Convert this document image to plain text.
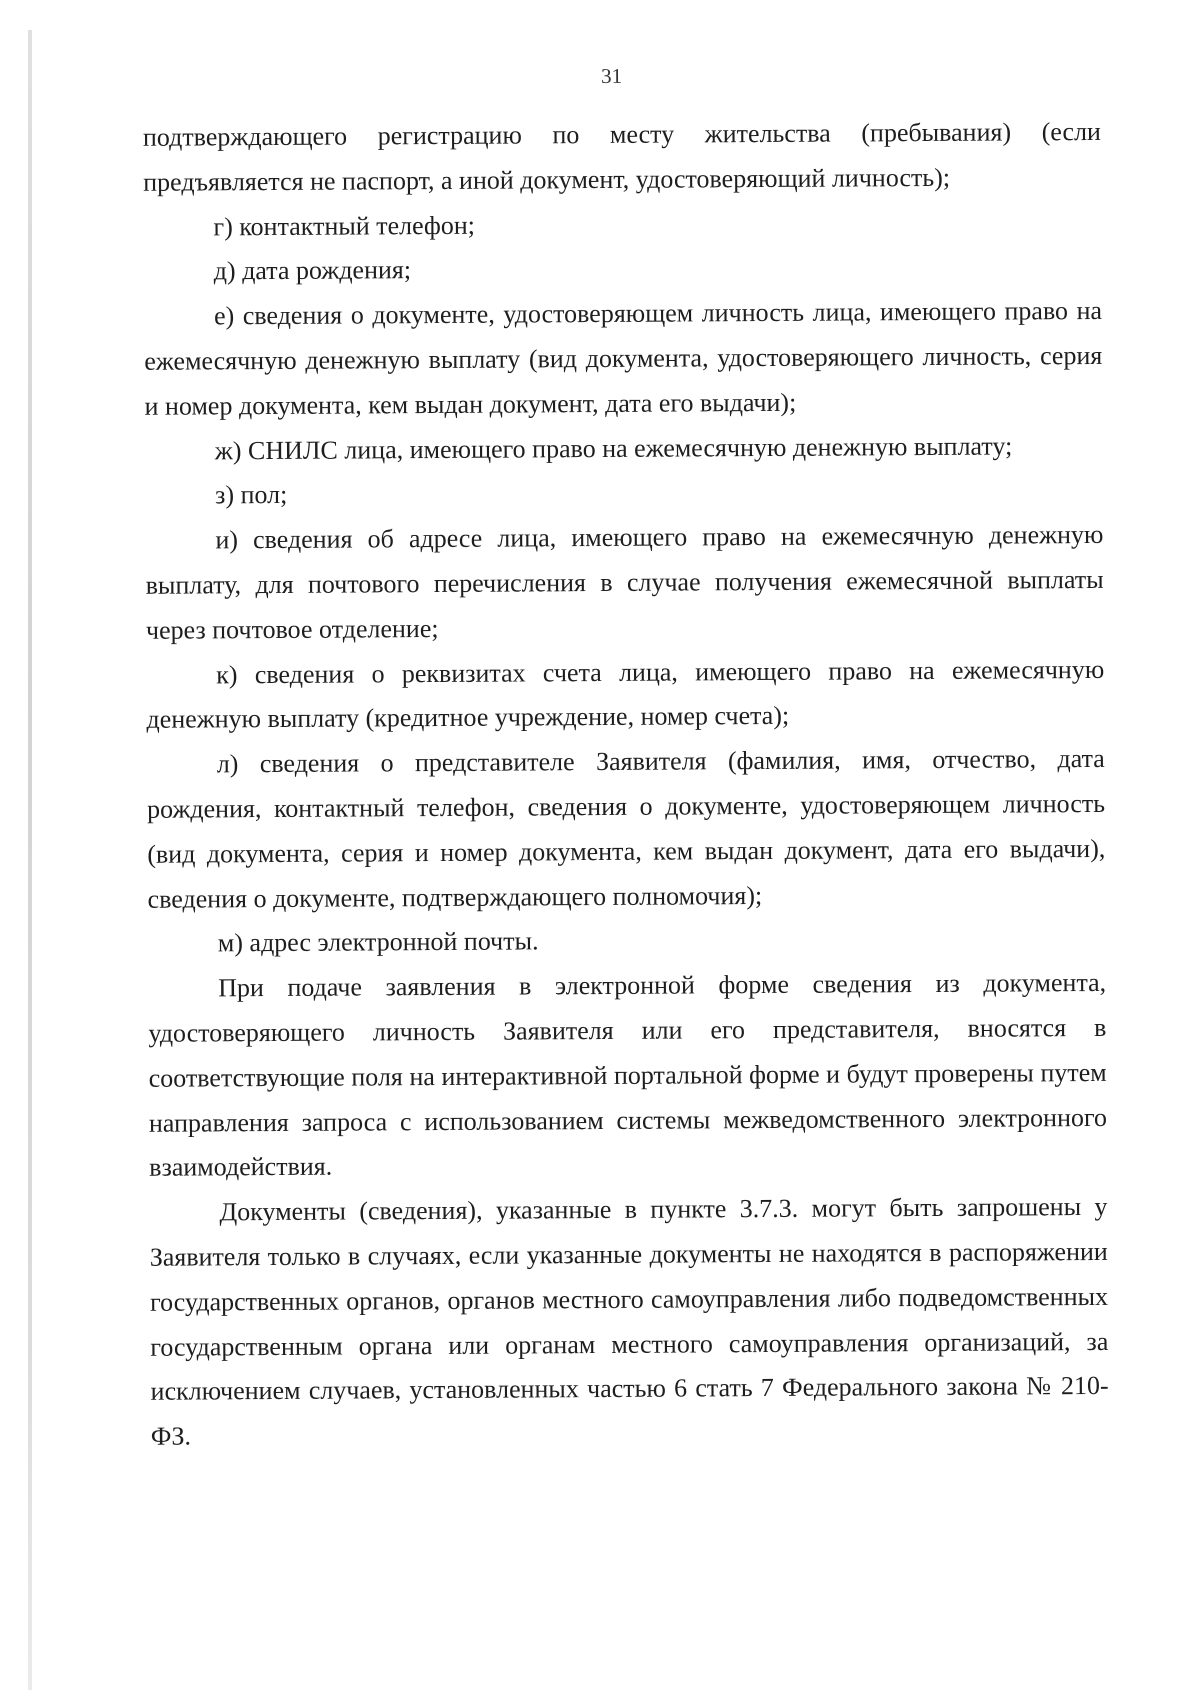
31

подтверждающего регистрацию по месту жительства (пребывания) (если предъявляется не паспорт, а иной документ, удостоверяющий личность);

г) контактный телефон;

д) дата рождения;

е) сведения о документе, удостоверяющем личность лица, имеющего право на ежемесячную денежную выплату (вид документа, удостоверяющего личность, серия и номер документа, кем выдан документ, дата его выдачи);

ж) СНИЛС лица, имеющего право на ежемесячную денежную выплату;

з) пол;

и) сведения об адресе лица, имеющего право на ежемесячную денежную выплату, для почтового перечисления в случае получения ежемесячной выплаты через почтовое отделение;

к) сведения о реквизитах счета лица, имеющего право на ежемесячную денежную выплату (кредитное учреждение, номер счета);

л) сведения о представителе Заявителя (фамилия, имя, отчество, дата рождения, контактный телефон, сведения о документе, удостоверяющем личность (вид документа, серия и номер документа, кем выдан документ, дата его выдачи), сведения о документе, подтверждающего полномочия);

м) адрес электронной почты.

При подаче заявления в электронной форме сведения из документа, удостоверяющего личность Заявителя или его представителя, вносятся в соответствующие поля на интерактивной портальной форме и будут проверены путем направления запроса с использованием системы межведомственного электронного взаимодействия.

Документы (сведения), указанные в пункте 3.7.3. могут быть запрошены у Заявителя только в случаях, если указанные документы не находятся в распоряжении государственных органов, органов местного самоуправления либо подведомственных государственным органа или органам местного самоуправления организаций, за исключением случаев, установленных частью 6 стать 7 Федерального закона № 210-ФЗ.
